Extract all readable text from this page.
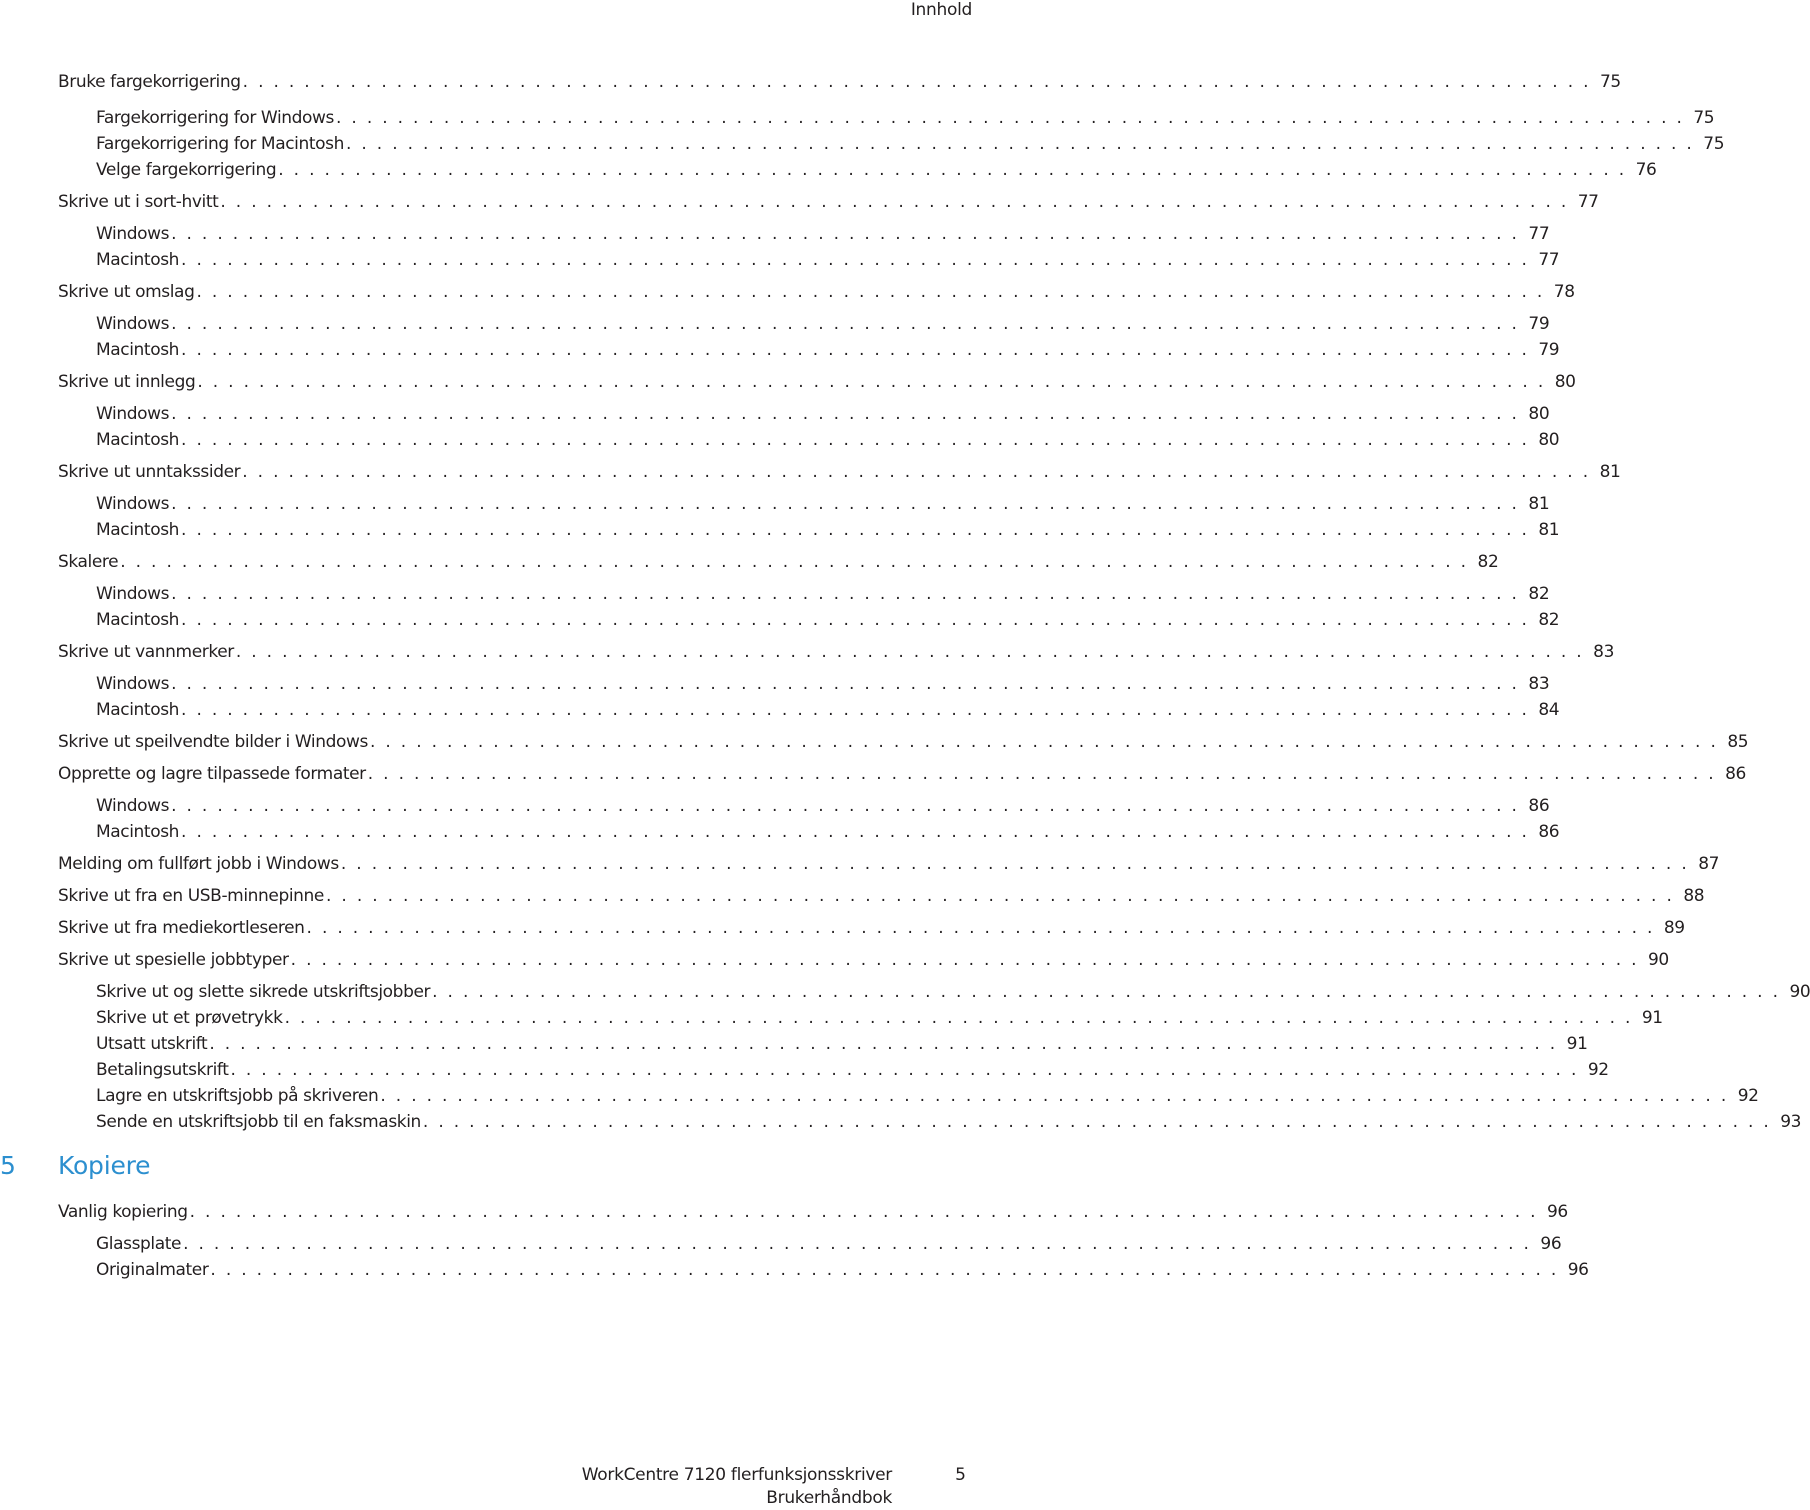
Innhold
Bruke fargekorrigering . . . . . . . . . . . . . . . . . . . . . . . . . . . . . . . . . . . . . . . . . . . . . . . . . . . . . . . . . . . . . . . . . . . . . . . . . . . . . . . . . . . . . . . . 75
Fargekorrigering for Windows . . . . . . . . . . . . . . . . . . . . . . . . . . . . . . . . . . . . . . . . . . . . . . . . . . . . . . . . . . . . . . . . . . . . . . . . . . . . . . . . . . . . . . . . 75
Fargekorrigering for Macintosh . . . . . . . . . . . . . . . . . . . . . . . . . . . . . . . . . . . . . . . . . . . . . . . . . . . . . . . . . . . . . . . . . . . . . . . . . . . . . . . . . . . . . . . . 75
Velge fargekorrigering . . . . . . . . . . . . . . . . . . . . . . . . . . . . . . . . . . . . . . . . . . . . . . . . . . . . . . . . . . . . . . . . . . . . . . . . . . . . . . . . . . . . . . . . 76
Skrive ut i sort-hvitt . . . . . . . . . . . . . . . . . . . . . . . . . . . . . . . . . . . . . . . . . . . . . . . . . . . . . . . . . . . . . . . . . . . . . . . . . . . . . . . . . . . . . . . . 77
Windows . . . . . . . . . . . . . . . . . . . . . . . . . . . . . . . . . . . . . . . . . . . . . . . . . . . . . . . . . . . . . . . . . . . . . . . . . . . . . . . . . . . . . . . . 77
Macintosh . . . . . . . . . . . . . . . . . . . . . . . . . . . . . . . . . . . . . . . . . . . . . . . . . . . . . . . . . . . . . . . . . . . . . . . . . . . . . . . . . . . . . . . . 77
Skrive ut omslag . . . . . . . . . . . . . . . . . . . . . . . . . . . . . . . . . . . . . . . . . . . . . . . . . . . . . . . . . . . . . . . . . . . . . . . . . . . . . . . . . . . . . . . . 78
Windows . . . . . . . . . . . . . . . . . . . . . . . . . . . . . . . . . . . . . . . . . . . . . . . . . . . . . . . . . . . . . . . . . . . . . . . . . . . . . . . . . . . . . . . . 79
Macintosh . . . . . . . . . . . . . . . . . . . . . . . . . . . . . . . . . . . . . . . . . . . . . . . . . . . . . . . . . . . . . . . . . . . . . . . . . . . . . . . . . . . . . . . . 79
Skrive ut innlegg . . . . . . . . . . . . . . . . . . . . . . . . . . . . . . . . . . . . . . . . . . . . . . . . . . . . . . . . . . . . . . . . . . . . . . . . . . . . . . . . . . . . . . . . 80
Windows . . . . . . . . . . . . . . . . . . . . . . . . . . . . . . . . . . . . . . . . . . . . . . . . . . . . . . . . . . . . . . . . . . . . . . . . . . . . . . . . . . . . . . . . 80
Macintosh . . . . . . . . . . . . . . . . . . . . . . . . . . . . . . . . . . . . . . . . . . . . . . . . . . . . . . . . . . . . . . . . . . . . . . . . . . . . . . . . . . . . . . . . 80
Skrive ut unntakssider . . . . . . . . . . . . . . . . . . . . . . . . . . . . . . . . . . . . . . . . . . . . . . . . . . . . . . . . . . . . . . . . . . . . . . . . . . . . . . . . . . . . . . . . 81
Windows . . . . . . . . . . . . . . . . . . . . . . . . . . . . . . . . . . . . . . . . . . . . . . . . . . . . . . . . . . . . . . . . . . . . . . . . . . . . . . . . . . . . . . . . 81
Macintosh . . . . . . . . . . . . . . . . . . . . . . . . . . . . . . . . . . . . . . . . . . . . . . . . . . . . . . . . . . . . . . . . . . . . . . . . . . . . . . . . . . . . . . . . 81
Skalere . . . . . . . . . . . . . . . . . . . . . . . . . . . . . . . . . . . . . . . . . . . . . . . . . . . . . . . . . . . . . . . . . . . . . . . . . . . . . . . . . . . . . . . . 82
Windows . . . . . . . . . . . . . . . . . . . . . . . . . . . . . . . . . . . . . . . . . . . . . . . . . . . . . . . . . . . . . . . . . . . . . . . . . . . . . . . . . . . . . . . . 82
Macintosh . . . . . . . . . . . . . . . . . . . . . . . . . . . . . . . . . . . . . . . . . . . . . . . . . . . . . . . . . . . . . . . . . . . . . . . . . . . . . . . . . . . . . . . . 82
Skrive ut vannmerker . . . . . . . . . . . . . . . . . . . . . . . . . . . . . . . . . . . . . . . . . . . . . . . . . . . . . . . . . . . . . . . . . . . . . . . . . . . . . . . . . . . . . . . . 83
Windows . . . . . . . . . . . . . . . . . . . . . . . . . . . . . . . . . . . . . . . . . . . . . . . . . . . . . . . . . . . . . . . . . . . . . . . . . . . . . . . . . . . . . . . . 83
Macintosh . . . . . . . . . . . . . . . . . . . . . . . . . . . . . . . . . . . . . . . . . . . . . . . . . . . . . . . . . . . . . . . . . . . . . . . . . . . . . . . . . . . . . . . . 84
Skrive ut speilvendte bilder i Windows . . . . . . . . . . . . . . . . . . . . . . . . . . . . . . . . . . . . . . . . . . . . . . . . . . . . . . . . . . . . . . . . . . . . . . . . . . . . . . . . . . . . . . . . 85
Opprette og lagre tilpassede formater . . . . . . . . . . . . . . . . . . . . . . . . . . . . . . . . . . . . . . . . . . . . . . . . . . . . . . . . . . . . . . . . . . . . . . . . . . . . . . . . . . . . . . . . 86
Windows . . . . . . . . . . . . . . . . . . . . . . . . . . . . . . . . . . . . . . . . . . . . . . . . . . . . . . . . . . . . . . . . . . . . . . . . . . . . . . . . . . . . . . . . 86
Macintosh . . . . . . . . . . . . . . . . . . . . . . . . . . . . . . . . . . . . . . . . . . . . . . . . . . . . . . . . . . . . . . . . . . . . . . . . . . . . . . . . . . . . . . . . 86
Melding om fullført jobb i Windows . . . . . . . . . . . . . . . . . . . . . . . . . . . . . . . . . . . . . . . . . . . . . . . . . . . . . . . . . . . . . . . . . . . . . . . . . . . . . . . . . . . . . . . . 87
Skrive ut fra en USB-minnepinne . . . . . . . . . . . . . . . . . . . . . . . . . . . . . . . . . . . . . . . . . . . . . . . . . . . . . . . . . . . . . . . . . . . . . . . . . . . . . . . . . . . . . . . . 88
Skrive ut fra mediekortleseren . . . . . . . . . . . . . . . . . . . . . . . . . . . . . . . . . . . . . . . . . . . . . . . . . . . . . . . . . . . . . . . . . . . . . . . . . . . . . . . . . . . . . . . . 89
Skrive ut spesielle jobbtyper . . . . . . . . . . . . . . . . . . . . . . . . . . . . . . . . . . . . . . . . . . . . . . . . . . . . . . . . . . . . . . . . . . . . . . . . . . . . . . . . . . . . . . . . 90
Skrive ut og slette sikrede utskriftsjobber . . . . . . . . . . . . . . . . . . . . . . . . . . . . . . . . . . . . . . . . . . . . . . . . . . . . . . . . . . . . . . . . . . . . . . . . . . . . . . . . . . . . . . . . 90
Skrive ut et prøvetrykk . . . . . . . . . . . . . . . . . . . . . . . . . . . . . . . . . . . . . . . . . . . . . . . . . . . . . . . . . . . . . . . . . . . . . . . . . . . . . . . . . . . . . . . . 91
Utsatt utskrift . . . . . . . . . . . . . . . . . . . . . . . . . . . . . . . . . . . . . . . . . . . . . . . . . . . . . . . . . . . . . . . . . . . . . . . . . . . . . . . . . . . . . . . . 91
Betalingsutskrift . . . . . . . . . . . . . . . . . . . . . . . . . . . . . . . . . . . . . . . . . . . . . . . . . . . . . . . . . . . . . . . . . . . . . . . . . . . . . . . . . . . . . . . . 92
Lagre en utskriftsjobb på skriveren . . . . . . . . . . . . . . . . . . . . . . . . . . . . . . . . . . . . . . . . . . . . . . . . . . . . . . . . . . . . . . . . . . . . . . . . . . . . . . . . . . . . . . . . 92
Sende en utskriftsjobb til en faksmaskin . . . . . . . . . . . . . . . . . . . . . . . . . . . . . . . . . . . . . . . . . . . . . . . . . . . . . . . . . . . . . . . . . . . . . . . . . . . . . . . . . . . . . . . . 93
5 Kopiere
Vanlig kopiering . . . . . . . . . . . . . . . . . . . . . . . . . . . . . . . . . . . . . . . . . . . . . . . . . . . . . . . . . . . . . . . . . . . . . . . . . . . . . . . . . . . . . . . . 96
Glassplate . . . . . . . . . . . . . . . . . . . . . . . . . . . . . . . . . . . . . . . . . . . . . . . . . . . . . . . . . . . . . . . . . . . . . . . . . . . . . . . . . . . . . . . . 96
Originalmater . . . . . . . . . . . . . . . . . . . . . . . . . . . . . . . . . . . . . . . . . . . . . . . . . . . . . . . . . . . . . . . . . . . . . . . . . . . . . . . . . . . . . . . . 96
WorkCentre 7120 flerfunksjonsskriver
Brukerhåndbok
5
